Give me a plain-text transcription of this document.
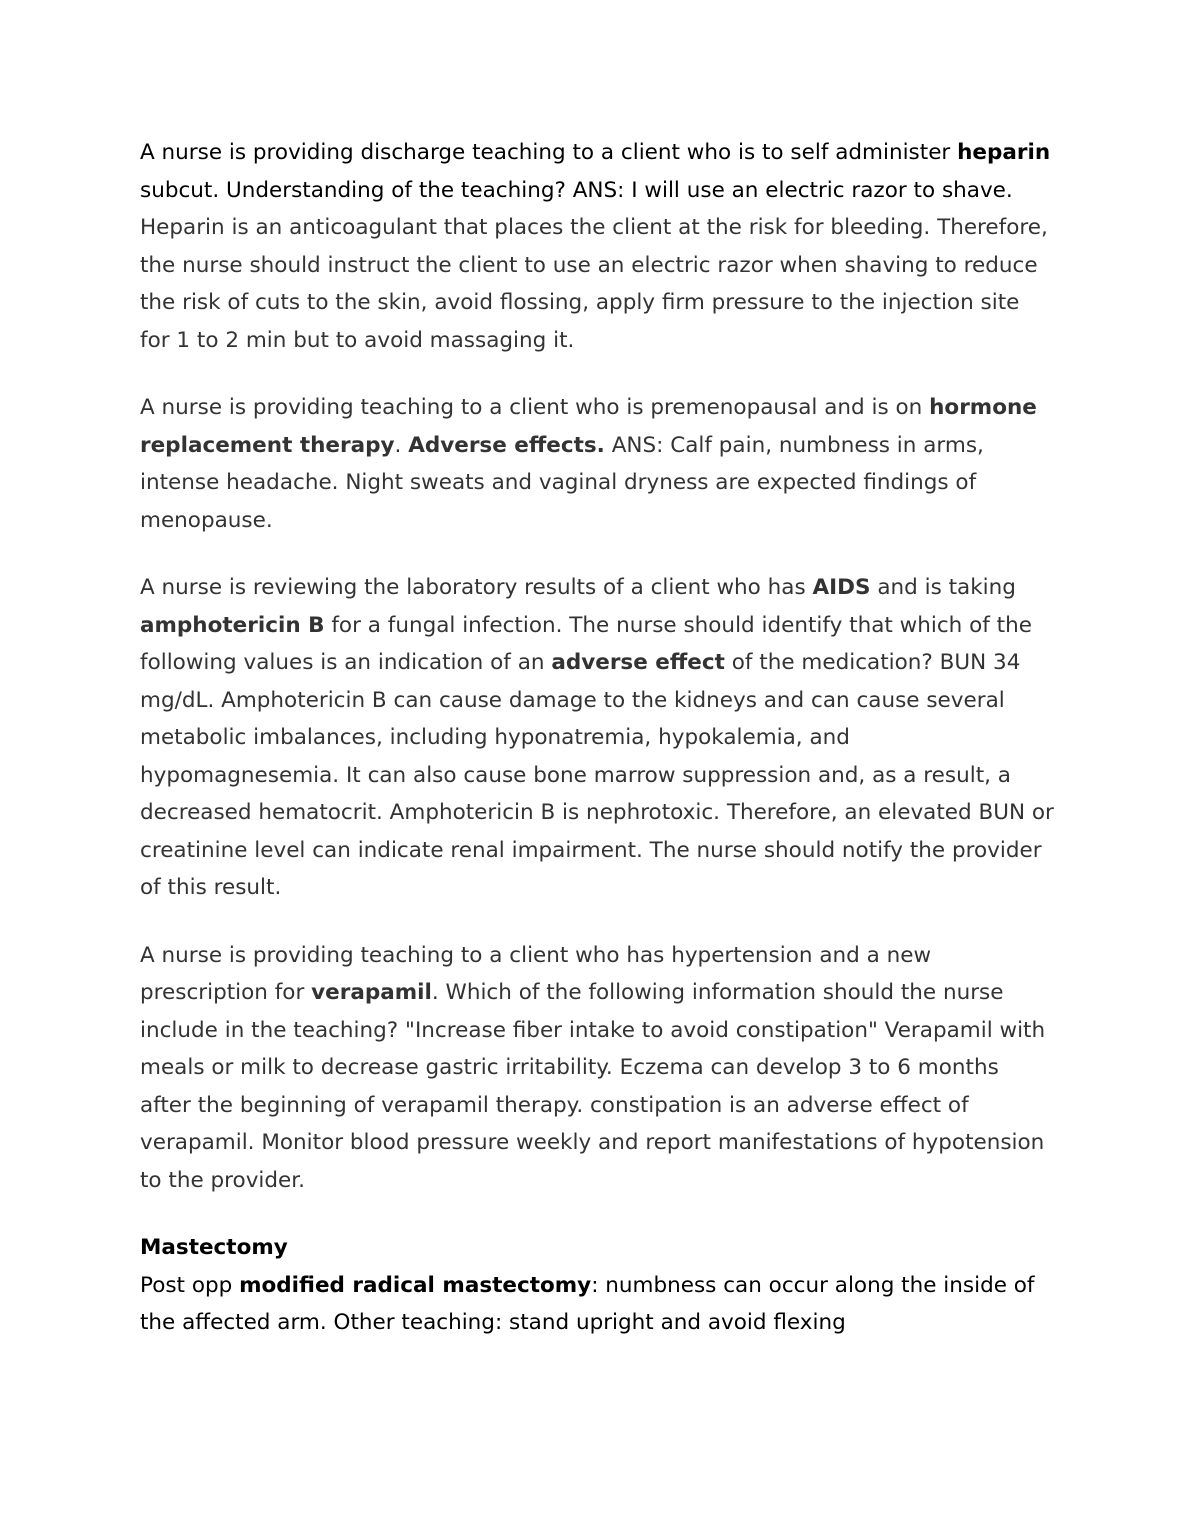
A nurse is providing discharge teaching to a client who is to self administer heparin subcut. Understanding of the teaching? ANS: I will use an electric razor to shave. Heparin is an anticoagulant that places the client at the risk for bleeding. Therefore, the nurse should instruct the client to use an electric razor when shaving to reduce the risk of cuts to the skin, avoid flossing, apply firm pressure to the injection site for 1 to 2 min but to avoid massaging it.

A nurse is providing teaching to a client who is premenopausal and is on hormone replacement therapy. Adverse effects. ANS: Calf pain, numbness in arms, intense headache. Night sweats and vaginal dryness are expected findings of menopause.

A nurse is reviewing the laboratory results of a client who has AIDS and is taking amphotericin B for a fungal infection. The nurse should identify that which of the following values is an indication of an adverse effect of the medication? BUN 34 mg/dL. Amphotericin B can cause damage to the kidneys and can cause several metabolic imbalances, including hyponatremia, hypokalemia, and hypomagnesemia. It can also cause bone marrow suppression and, as a result, a decreased hematocrit. Amphotericin B is nephrotoxic. Therefore, an elevated BUN or creatinine level can indicate renal impairment. The nurse should notify the provider of this result.

A nurse is providing teaching to a client who has hypertension and a new prescription for verapamil. Which of the following information should the nurse include in the teaching? "Increase fiber intake to avoid constipation" Verapamil with meals or milk to decrease gastric irritability. Eczema can develop 3 to 6 months after the beginning of verapamil therapy. constipation is an adverse effect of verapamil. Monitor blood pressure weekly and report manifestations of hypotension to the provider.

Mastectomy

Post opp modified radical mastectomy: numbness can occur along the inside of the affected arm. Other teaching: stand upright and avoid flexing
